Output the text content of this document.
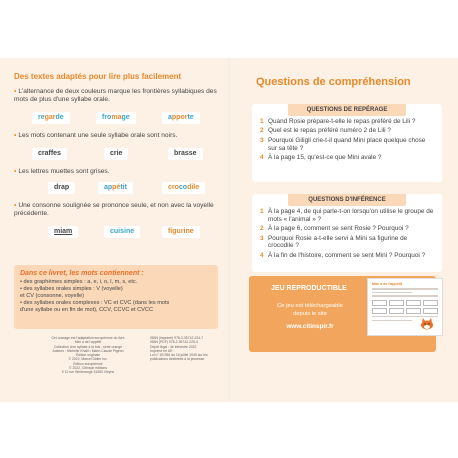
Des textes adaptés pour lire plus facilement
• L'alternance de deux couleurs marque les frontières syllabiques des mots de plus d'une syllabe orale.
regarde	fromage	apporte
• Les mots contenant une seule syllabe orale sont noirs.
craffes	crie	brasse
• Les lettres muettes sont grises.
drap	appétit	crocodile
• Une consonne soulignée se prononce seule, et non avec la voyelle précédente.
miam	cuisine	figurine
Dans ce livret, les mots contiennent :
• des graphèmes simples : a, e, i, o, l, m, s, etc.
• des syllabes orales simples : V (voyelle)
et CV (consonne, voyelle)
• des syllabes orales complexes : VC et CVC (dans les mots
d'une syllabe ou en fin de mot), CCV, CCVC et CVCC
Cet ouvrage est l'adaptation européenne du livre
Mini a de l'appétit
Collection Une syllabe à la fois - série orange
Auteurs : Michelle Khalil • Marie-Claude Pigeon
Édition originale
© 2022, Marcel Didier inc.
Édition européenne
© 2022, CitInspir éditions
5 12 rue Wederange 31650 Vieyne
ISBN (imprimé) 978-2-35742-224-7
ISBN (PDF) 978-2-35742-225-4
Dépôt légal : 4e trimestre 2022
Imprimé en UE
Loi n° 49-956 du 16 juillet 1949 sur les
publications destinées à la jeunesse
Questions de compréhension
QUESTIONS DE REPÉRAGE
1 Quand Rosie prépare-t-elle le repas préféré de Lili ?
2 Quel est le repas préféré numéro 2 de Lili ?
3 Pourquoi Giligli crie-t-il quand Mini place quelque chose sur sa tête ?
4 À la page 15, qu'est-ce que Mini avale ?
QUESTIONS D'INFÉRENCE
1 À la page 4, de qui parle-t-on lorsqu'on utilise le groupe de mots « l'animal » ?
2 À la page 6, comment se sent Rosie ? Pourquoi ?
3 Pourquoi Rosie a-t-elle servi à Mini sa figurine de crocodile ?
4 À la fin de l'histoire, comment se sent Mini ? Pourquoi ?
JEU REPRODUCTIBLE
Ce jeu est téléchargeable
depuis le site
www.citinspir.fr
Mini a de l'appétit
